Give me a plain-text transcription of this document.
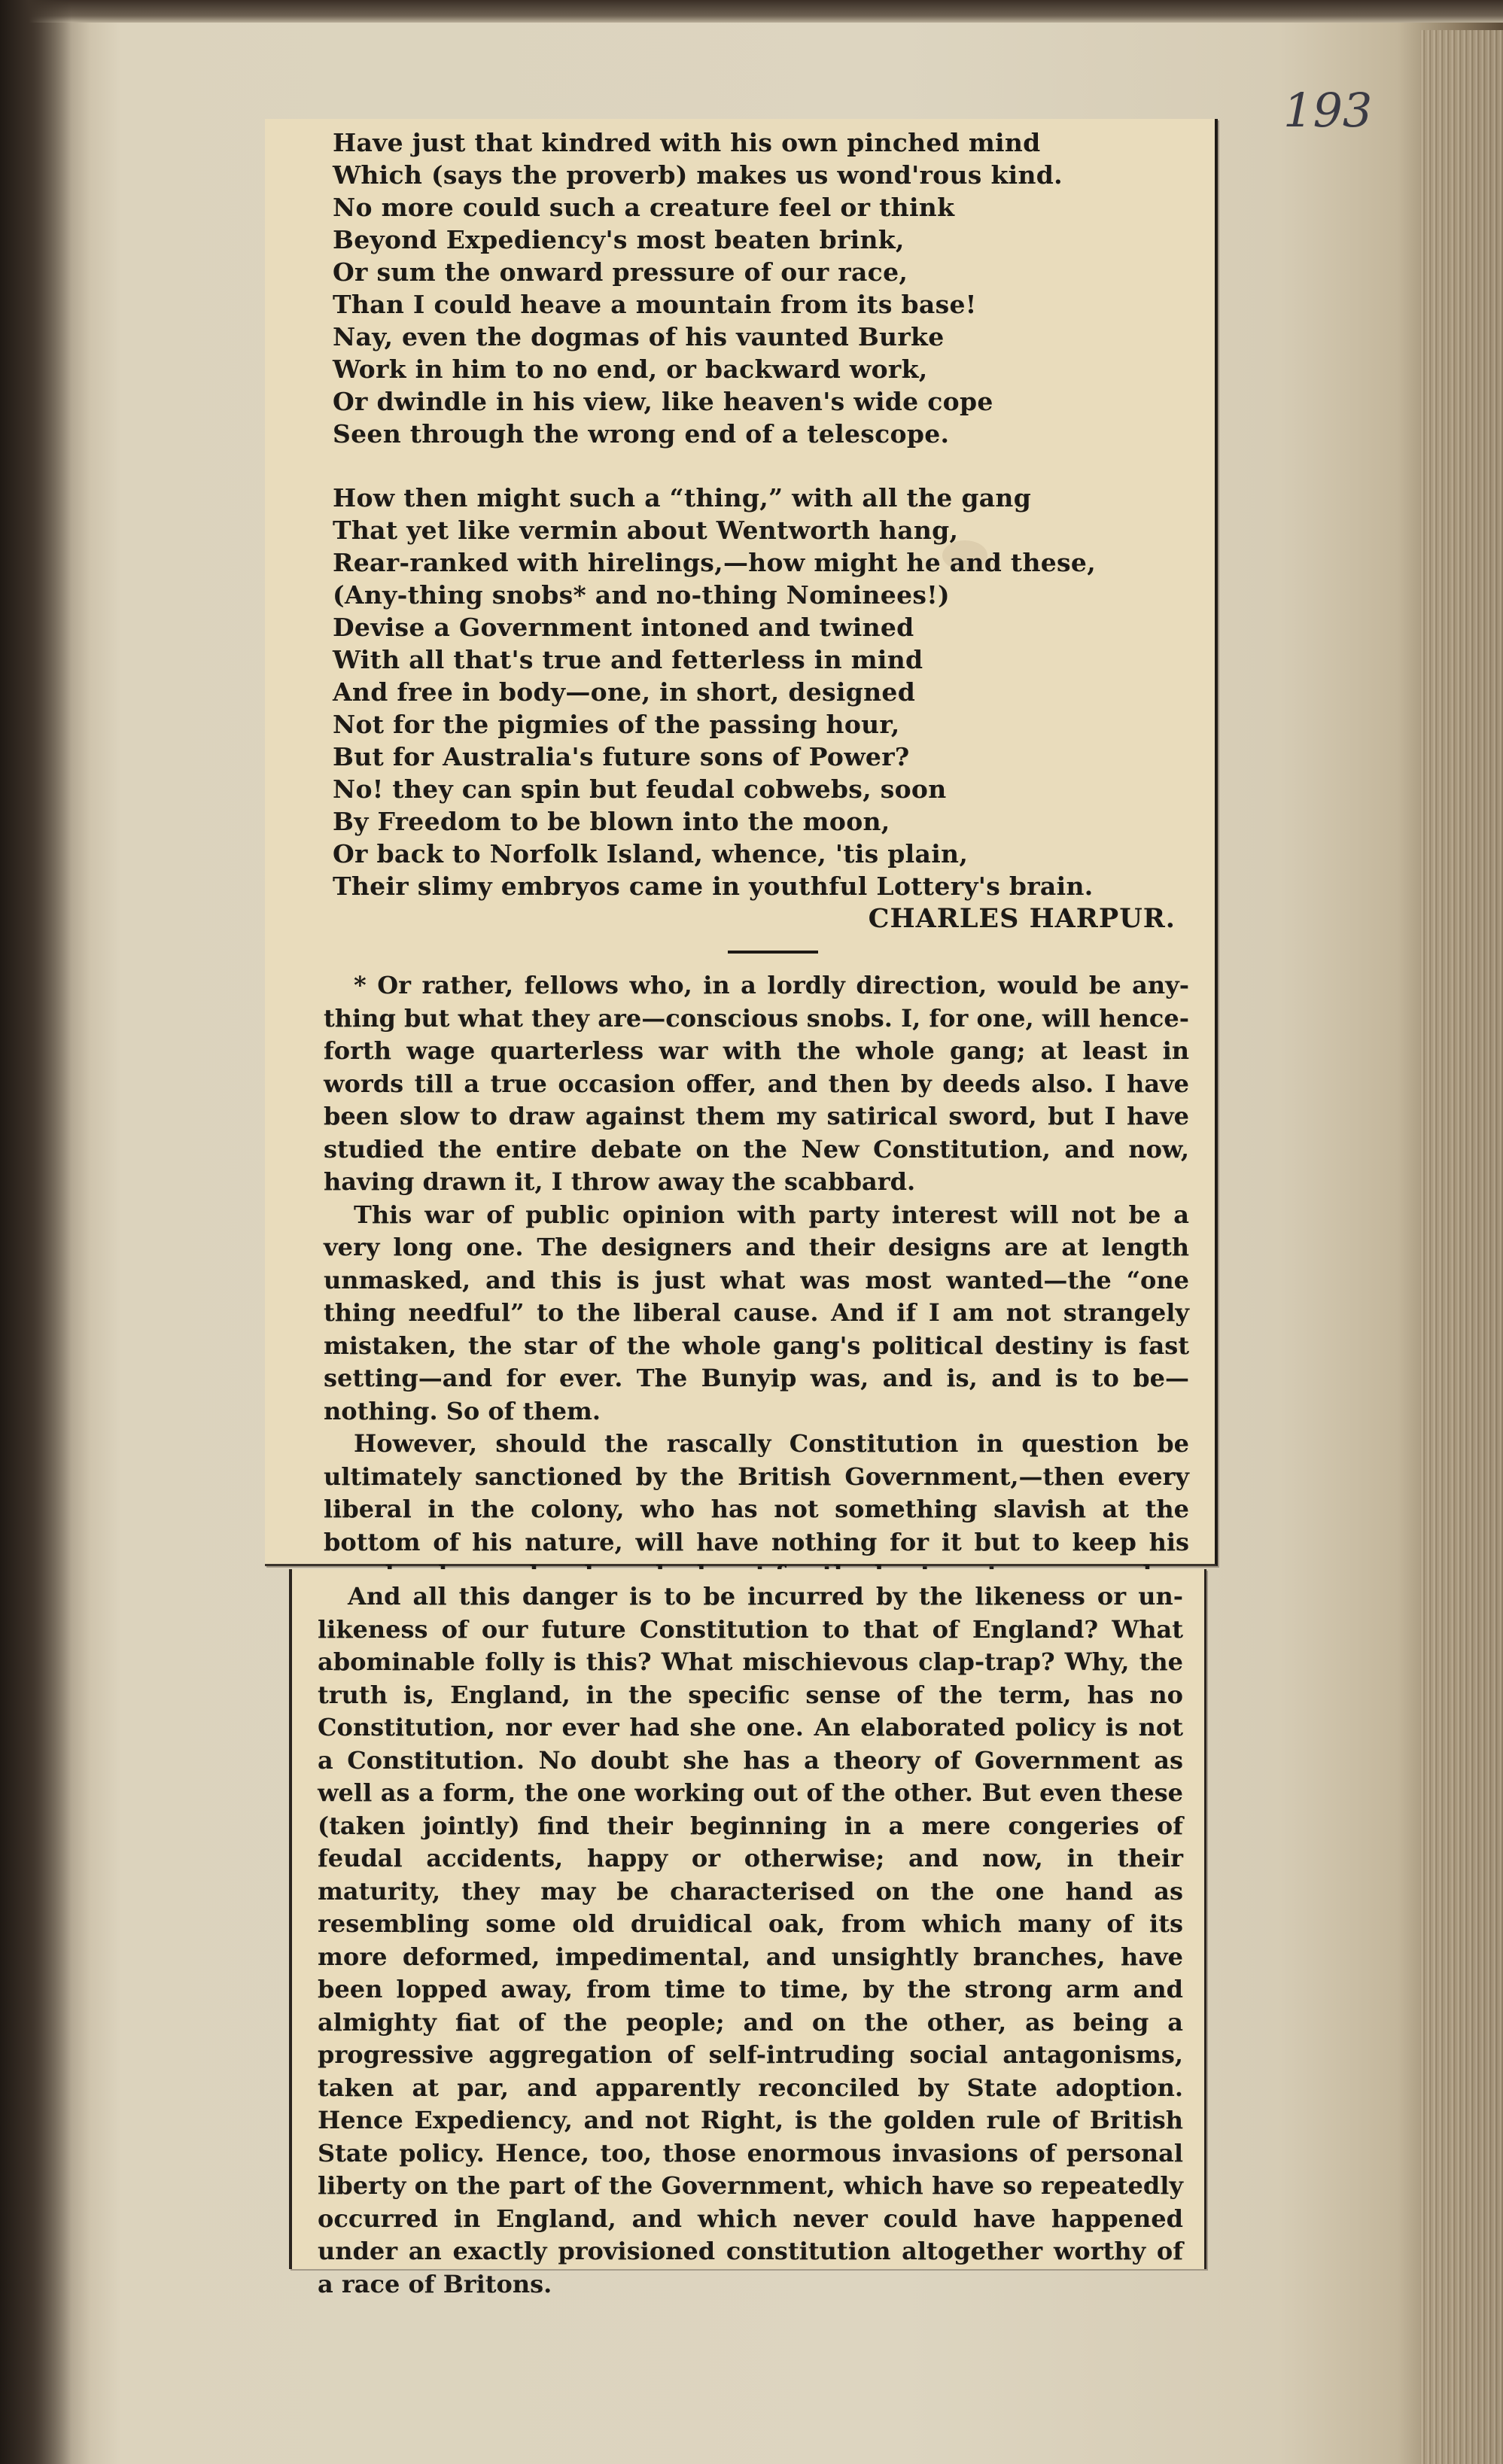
193
Have just that kindred with his own pinched mind
Which (says the proverb) makes us wond'rous kind.
No more could such a creature feel or think
Beyond Expediency's most beaten brink,
Or sum the onward pressure of our race,
Than I could heave a mountain from its base!
Nay, even the dogmas of his vaunted Burke
Work in him to no end, or backward work,
Or dwindle in his view, like heaven's wide cope
Seen through the wrong end of a telescope.
How then might such a “thing,” with all the gang
That yet like vermin about Wentworth hang,
Rear-ranked with hirelings,—how might he and these,
(Any-thing snobs* and no-thing Nominees!)
Devise a Government intoned and twined
With all that's true and fetterless in mind
And free in body—one, in short, designed
Not for the pigmies of the passing hour,
But for Australia's future sons of Power?
No! they can spin but feudal cobwebs, soon
By Freedom to be blown into the moon,
Or back to Norfolk Island, whence, 'tis plain,
Their slimy embryos came in youthful Lottery's brain.
CHARLES HARPUR.

* Or rather, fellows who, in a lordly direction, would be any-thing but what they are—conscious snobs. I, for one, will hence-forth wage quarterless war with the whole gang; at least in words till a true occasion offer, and then by deeds also. I have been slow to draw against them my satirical sword, but I have studied the entire debate on the New Constitution, and now, having drawn it, I throw away the scabbard.

This war of public opinion with party interest will not be a very long one. The designers and their designs are at length unmasked, and this is just what was most wanted—the “one thing needful” to the liberal cause. And if I am not strangely mistaken, the star of the whole gang's political destiny is fast setting—and for ever. The Bunyip was, and is, and is to be—nothing. So of them.

However, should the rascally Constitution in question be ultimately sanctioned by the British Government,—then every liberal in the colony, who has not something slavish at the bottom of his nature, will have nothing for it but to keep his

And all this danger is to be incurred by the likeness or un-likeness of our future Constitution to that of England? What abominable folly is this? What mischievous clap-trap? Why, the truth is, England, in the specific sense of the term, has no Constitution, nor ever had she one. An elaborated policy is not a Constitution. No doubt she has a theory of Government as well as a form, the one working out of the other. But even these (taken jointly) find their beginning in a mere congeries of feudal accidents, happy or otherwise; and now, in their maturity, they may be characterised on the one hand as resembling some old druidical oak, from which many of its more deformed, impedimental, and unsightly branches, have been lopped away, from time to time, by the strong arm and almighty fiat of the people; and on the other, as being a progressive aggregation of self-intruding social antagonisms, taken at par, and apparently reconciled by State adoption. Hence Expediency, and not Right, is the golden rule of British State policy. Hence, too, those enormous invasions of personal liberty on the part of the Government, which have so repeatedly occurred in England, and which never could have happened under an exactly provisioned constitution altogether worthy of a race of Britons.
